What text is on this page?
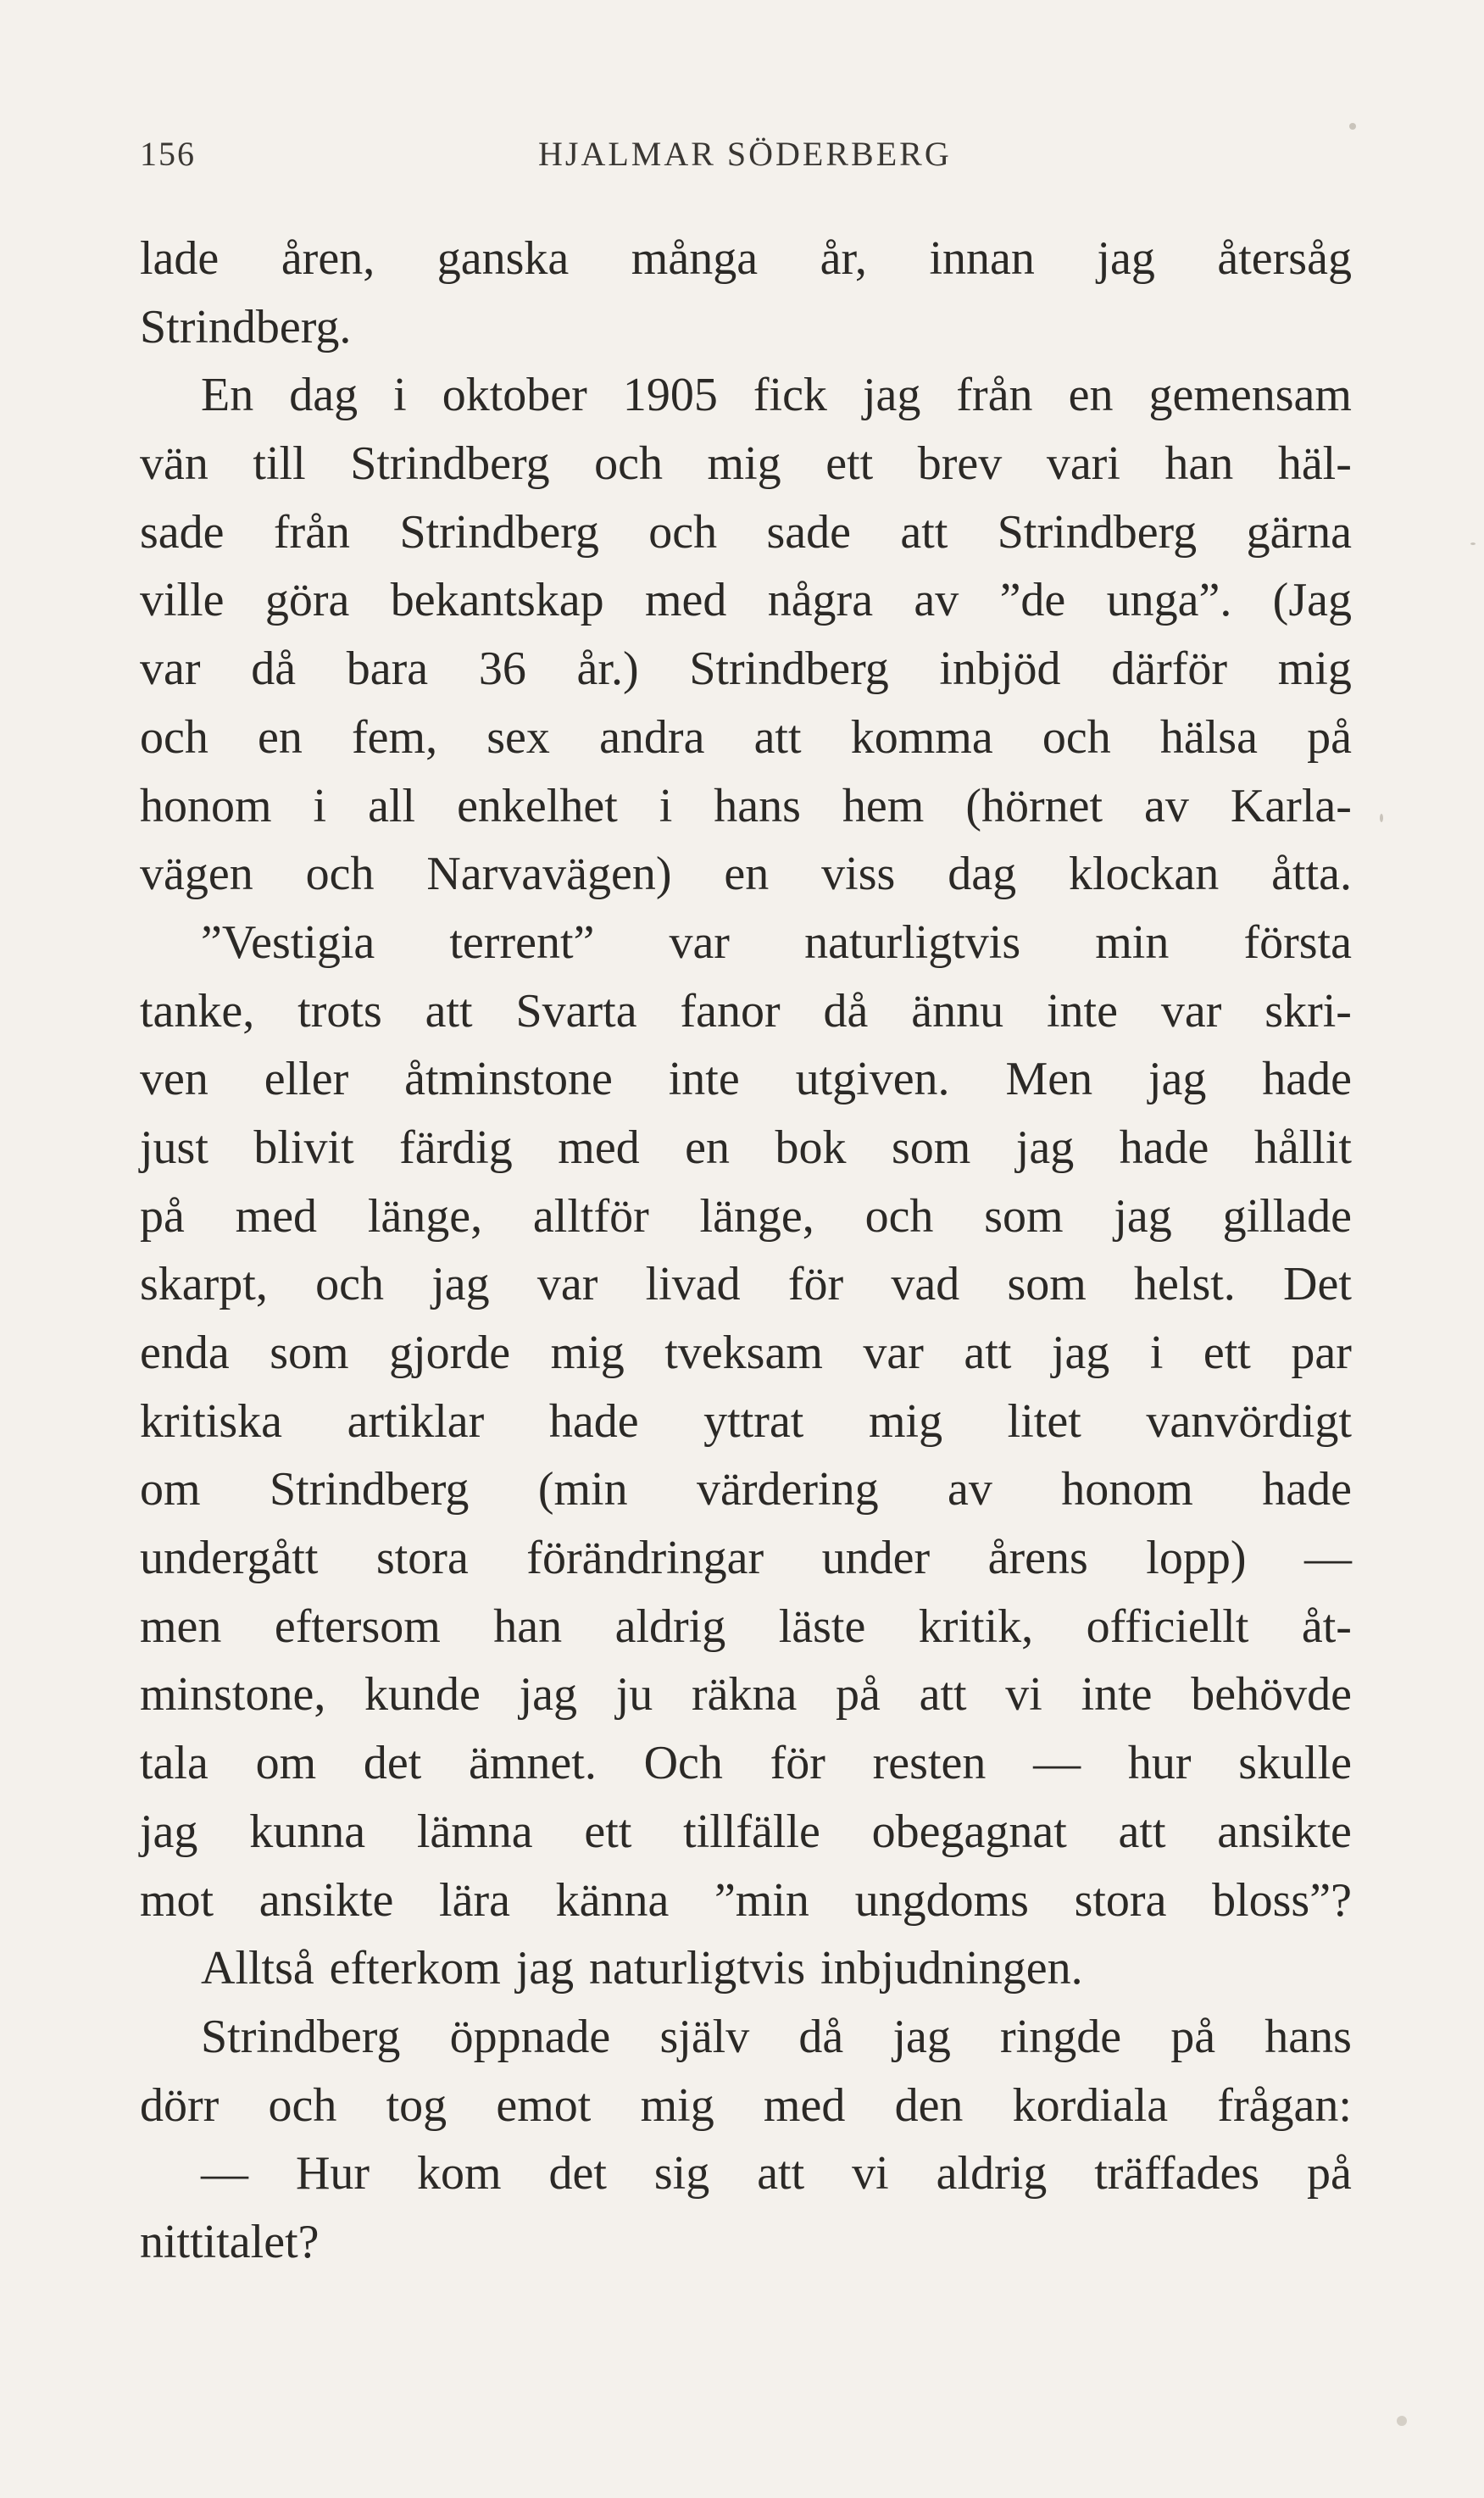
156	HJALMAR SÖDERBERG
lade åren, ganska många år, innan jag återsåg
Strindberg.
En dag i oktober 1905 fick jag från en gemensam
vän till Strindberg och mig ett brev vari han häl-
sade från Strindberg och sade att Strindberg gärna
ville göra bekantskap med några av ”de unga”. (Jag
var då bara 36 år.) Strindberg inbjöd därför mig
och en fem, sex andra att komma och hälsa på
honom i all enkelhet i hans hem (hörnet av Karla-
vägen och Narvavägen) en viss dag klockan åtta.
”Vestigia terrent” var naturligtvis min första
tanke, trots att Svarta fanor då ännu inte var skri-
ven eller åtminstone inte utgiven. Men jag hade
just blivit färdig med en bok som jag hade hållit
på med länge, alltför länge, och som jag gillade
skarpt, och jag var livad för vad som helst. Det
enda som gjorde mig tveksam var att jag i ett par
kritiska artiklar hade yttrat mig litet vanvördigt
om Strindberg (min värdering av honom hade
undergått stora förändringar under årens lopp) —
men eftersom han aldrig läste kritik, officiellt åt-
minstone, kunde jag ju räkna på att vi inte behövde
tala om det ämnet. Och för resten — hur skulle
jag kunna lämna ett tillfälle obegagnat att ansikte
mot ansikte lära känna ”min ungdoms stora bloss”?
Alltså efterkom jag naturligtvis inbjudningen.
Strindberg öppnade själv då jag ringde på hans
dörr och tog emot mig med den kordiala frågan:
— Hur kom det sig att vi aldrig träffades på
nittitalet?
